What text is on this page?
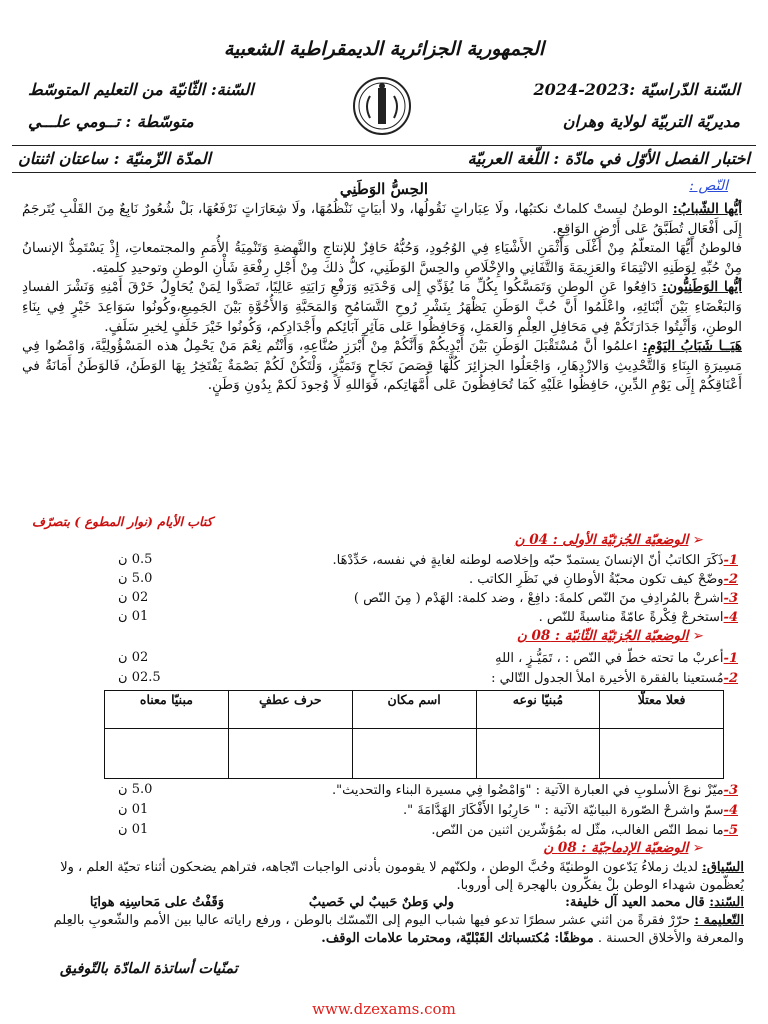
الجمهورية الجزائرية الديمقراطية الشعبية
السّنة الدّراسيّة :2023-2024
مديريّة التربيّة لولاية وهران
السّنة: الثّانيّة من التعليم المتوسّط
متوسّطة : تــومي علـــي
اختبار الفصل الأوّل في مادّة : اللّغة العربيّة
المدّة الزّمنيّة : ساعتان اثنتان
النّص :
الحِسُّ الوَطَنِي

أيُّها الشّبابُ: الوطنُ ليستْ كلماتٌ نكتبُها، ولَا عِبَاراتٍ نَقُولُها، ولا أبيَاتٍ نَنْظُمُهَا، ولَا شِعَارَاتٍ نَرْفَعُهَا، بَلْ شُعُورٌ نَابِعٌ مِنَ القَلْبِ يُتَرجَمُ إِلَى أَفْعَالٍ تُطَبَّقُ عَلى أَرْضِ الوَاقِعِ.

فالوطنُ أيُّهَا المتعلّمُ مِنْ أَغْلَى وَأَثْمَنِ الأَشْيَاءِ فِي الوُجُودِ، وَحُبُّهُ حَافِزٌ للإنتاجِ والنَّهضةِ وَتَنْمِيَةُ الأُمَمِ والمجتمعاتِ، إِذْ يَسْتَمِدُّ الإنسانُ مِنْ حُبِّهِ لِوَطَنِهِ الانْتِمَاءَ والعَزِيمَةَ وَالتَّفَانِي والإِخْلَاصِ والحِسَّ الوَطَنِي، كلُّ ذلكَ مِنْ أَجْلِ رِفْعَةِ شَأْنِ الوطنِ وتوحيدِ كلمتِه.

أيُّها الوَطَنِيُّون: دَافِعُوا عَنِ الوطنِ وَتَمَسَّكُوا بِكُلِّ مَا يُؤَدِّي إِلى وَحْدَتِهِ وَرَفْعِ رَايَتِهِ عَالِيًا، تَصَدَّوا لِمَنْ يُحَاوِلُ خَرْقَ أَمْنِهِ وَنَشْرَ الفسادِ وَالبَغْضَاءِ بَيْنَ أَبْنَائِهِ، واعْلَمُوا أَنَّ حُبَّ الوَطَنِ يَظْهَرُ بِنَشْرِ رُوحِ التَّسَامُحِ وَالمَحَبَّةِ وَالأُخُوَّةِ بَيْنَ الجَمِيعِ،وكُونُوا سَوَاعِدَ خَيْرٍ فِي بِنَاءِ الوطنِ، وَأَثْبِتُوا جَدَارَتَكُمْ فِي مَحَافِلِ العِلْمِ وَالعَمَلِ، وَحَافِظُوا عَلى مَآثِرِ آبَائِكم وأَجْدَادِكم، وَكُونُوا خَيْرَ خَلَفٍ لِخيرِ سَلَفٍ.

هَيَــا شَبَابُ اليَوْمِ: اعلمُوا أنَّ مُسْتَقْبَلَ الوَطَنِ بَيْنَ أَيْدِيكُمْ وَأَنَّكُمْ مِنْ أَبْرَزِ صُنَّاعِهِ، وَأَنْتُم نِعْمَ مَنْ يَحْمِلُ هذه المَسْؤُولِيَّةَ، وَامْضُوا فِي مَسِيرَةِ البِنَاءِ وَالتَّحْدِيثِ وَالازْدِهَارِ، وَاجْعَلُوا الجزائِرَ كُلَّهَا قِصَصَ نَجَاحٍ وَتَمَيُّزٍ، وَلْتَكُنْ لَكُمْ بَصْمَةٌ يَفْتَخِرُ بِهَا الوَطَنُ، فَالوَطَنُ أَمَانَةٌ في أَعْنَاقِكُمْ إِلَى يَوْمِ الدِّينِ، حَافِظُوا عَلَيْهِ كَمَا تُحَافِظُونَ عَلى أُمَّهَاتِكم، فَوَاللهِ لَا وُجودَ لَكمْ بِدُونِ وَطَنٍ.

كتاب الأيام (نوار المطوع ) بتصرّف
➢ الوضعيّة الجُزئيّة الأولى : 04 ن
1-ذَكَرَ الكاتبُ أنّ الإنسانَ يستمدّ حبّه وإخلاصه لوطنه لغايةٍ في نفسه، حَدِّدْهَا.
0.5 ن
2-وضّحْ كيف تكون محبّةُ الأوطانِ في نَظَرِ الكاتب .
5.0 ن
3-اشرحْ بالمُرادِفِ منَ النّص كلمةَ: دافِعْ ، وضد كلمة: الهَدْم ( مِنَ النّص )
02 ن
4-استخرجْ فِكْرةً عامّةً مناسبةً للنّص .
01 ن
➢ الوضعيّة الجُزئيّة الثّانيّة : 08 ن
1-أعربْ ما تحته خطّ في النّص : ، تَمَيُّـزٍ ، اللهِ
02 ن
2-مُستعينا بالفقرة الأخيرة املأ الجدول التّالي :
02.5 ن
فعلا معتلّا	مُبنيّا نوعه	اسم مكان	حرف عطفٍ	مبنيّا معناه

3-ميّزْ نوعَ الأسلوبِ في العبارة الآتية : "وَامْضُوا فِي مسيرة البناء والتحديث".
5.0 ن
4-سمّ واشرحْ الصّورة البيانيّة الآتية : " حَارِبُوا الأَفْكَارَ الهَدَّامَةَ ".
01 ن
5-ما نمط النّص الغالب، مثّل له بمُؤشّرين اثنين من النّص.
01 ن
➢ الوضعيّة الإدماجيّة : 08 ن
السّياق: لديك زملاءُ يَدّعون الوطنيّةَ وحُبَّ الوطن ، ولكنّهم لا يقومون بأدنى الواجبات اتّجاهه، فتراهم يضحكون أثناء تحيّة العلم ، ولا يُعظّمون شهداء الوطن بلْ يفكّرون بالهجرة إلى أوروبا.
السّند: قال محمد العيد آل خليفة:
ولي وَطنٌ حَبيبٌ لي خَصيبٌ
وَقَفْتُ على مَحاسِنِه هوايَا
التّعليمة : حرّرْ فقرةً من اثني عشر سطرًا تدعو فيها شباب اليوم إلى التّمسّك بالوطن ، ورفع راياته عاليا بين الأمم والشّعوبِ بالعِلم والمعرفة والأخلاق الحسنة . موظفًا: مُكتسباتك القَبْليّة، ومحترما علامات الوقف.
تمنّيات أساتذة المادّة بالتّوفيق
www.dzexams.com
